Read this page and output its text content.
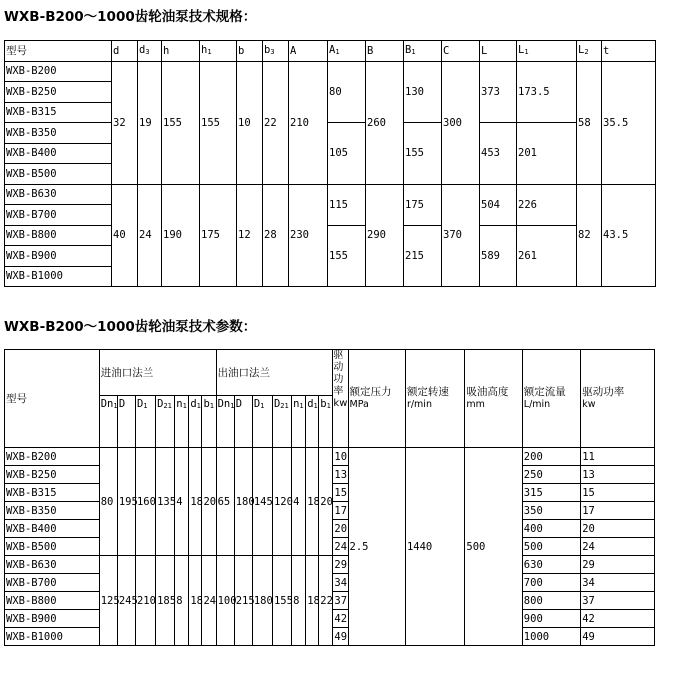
WXB-B200～1000齿轮油泵技术规格：
型号	d	$d_3$	h	$h_1$	b	$b_3$	A	$A_1$	B	$B_1$	C	L	$L_1$	$L_2$	t
WXB-B200	32	19	155	155	10	22	210	80	260	130	300	373	173.5	58	35.5
WXB-B250															
WXB-B315															
WXB-B350								105		155		453	201		
WXB-B400															
WXB-B500															
WXB-B630	40	24	190	175	12	28	230	115	290	175	370	504	226	82	43.5

WXB-B700															

WXB-B800								155		215		589	261		

WXB-B900															

WXB-B1000															

WXB-B200～1000齿轮油泵技术参数：
型号	进油口法兰							出油口法兰							驱动功率kw	额定压力
MPa	额定转速
r/min	吸油高度
mm	额定流量
L/min	驱动功率
kw
	$Dn_1$	D	$D_1$	$D_{21}$	$n_1$	$d_1$	$b_1$	$Dn_1$	D	$D_1$	$D_{21}$	$n_1$	$d_1$	$b_1$
WXB-B200	80	195	160	135	4	18	20	65	180	145	120	4	18	20	10	2.5	1440	500	200	11
WXB-B250															13				250	13
WXB-B315															15				315	15
WXB-B350															17				350	17
WXB-B400															20				400	20
WXB-B500															24				500	24
WXB-B630	125	245	210	185	8	18	24	100	215	180	155	8	18	22	29				630	29
WXB-B700															34				700	34
WXB-B800															37				800	37
WXB-B900															42				900	42
WXB-B1000															49				1000	49
